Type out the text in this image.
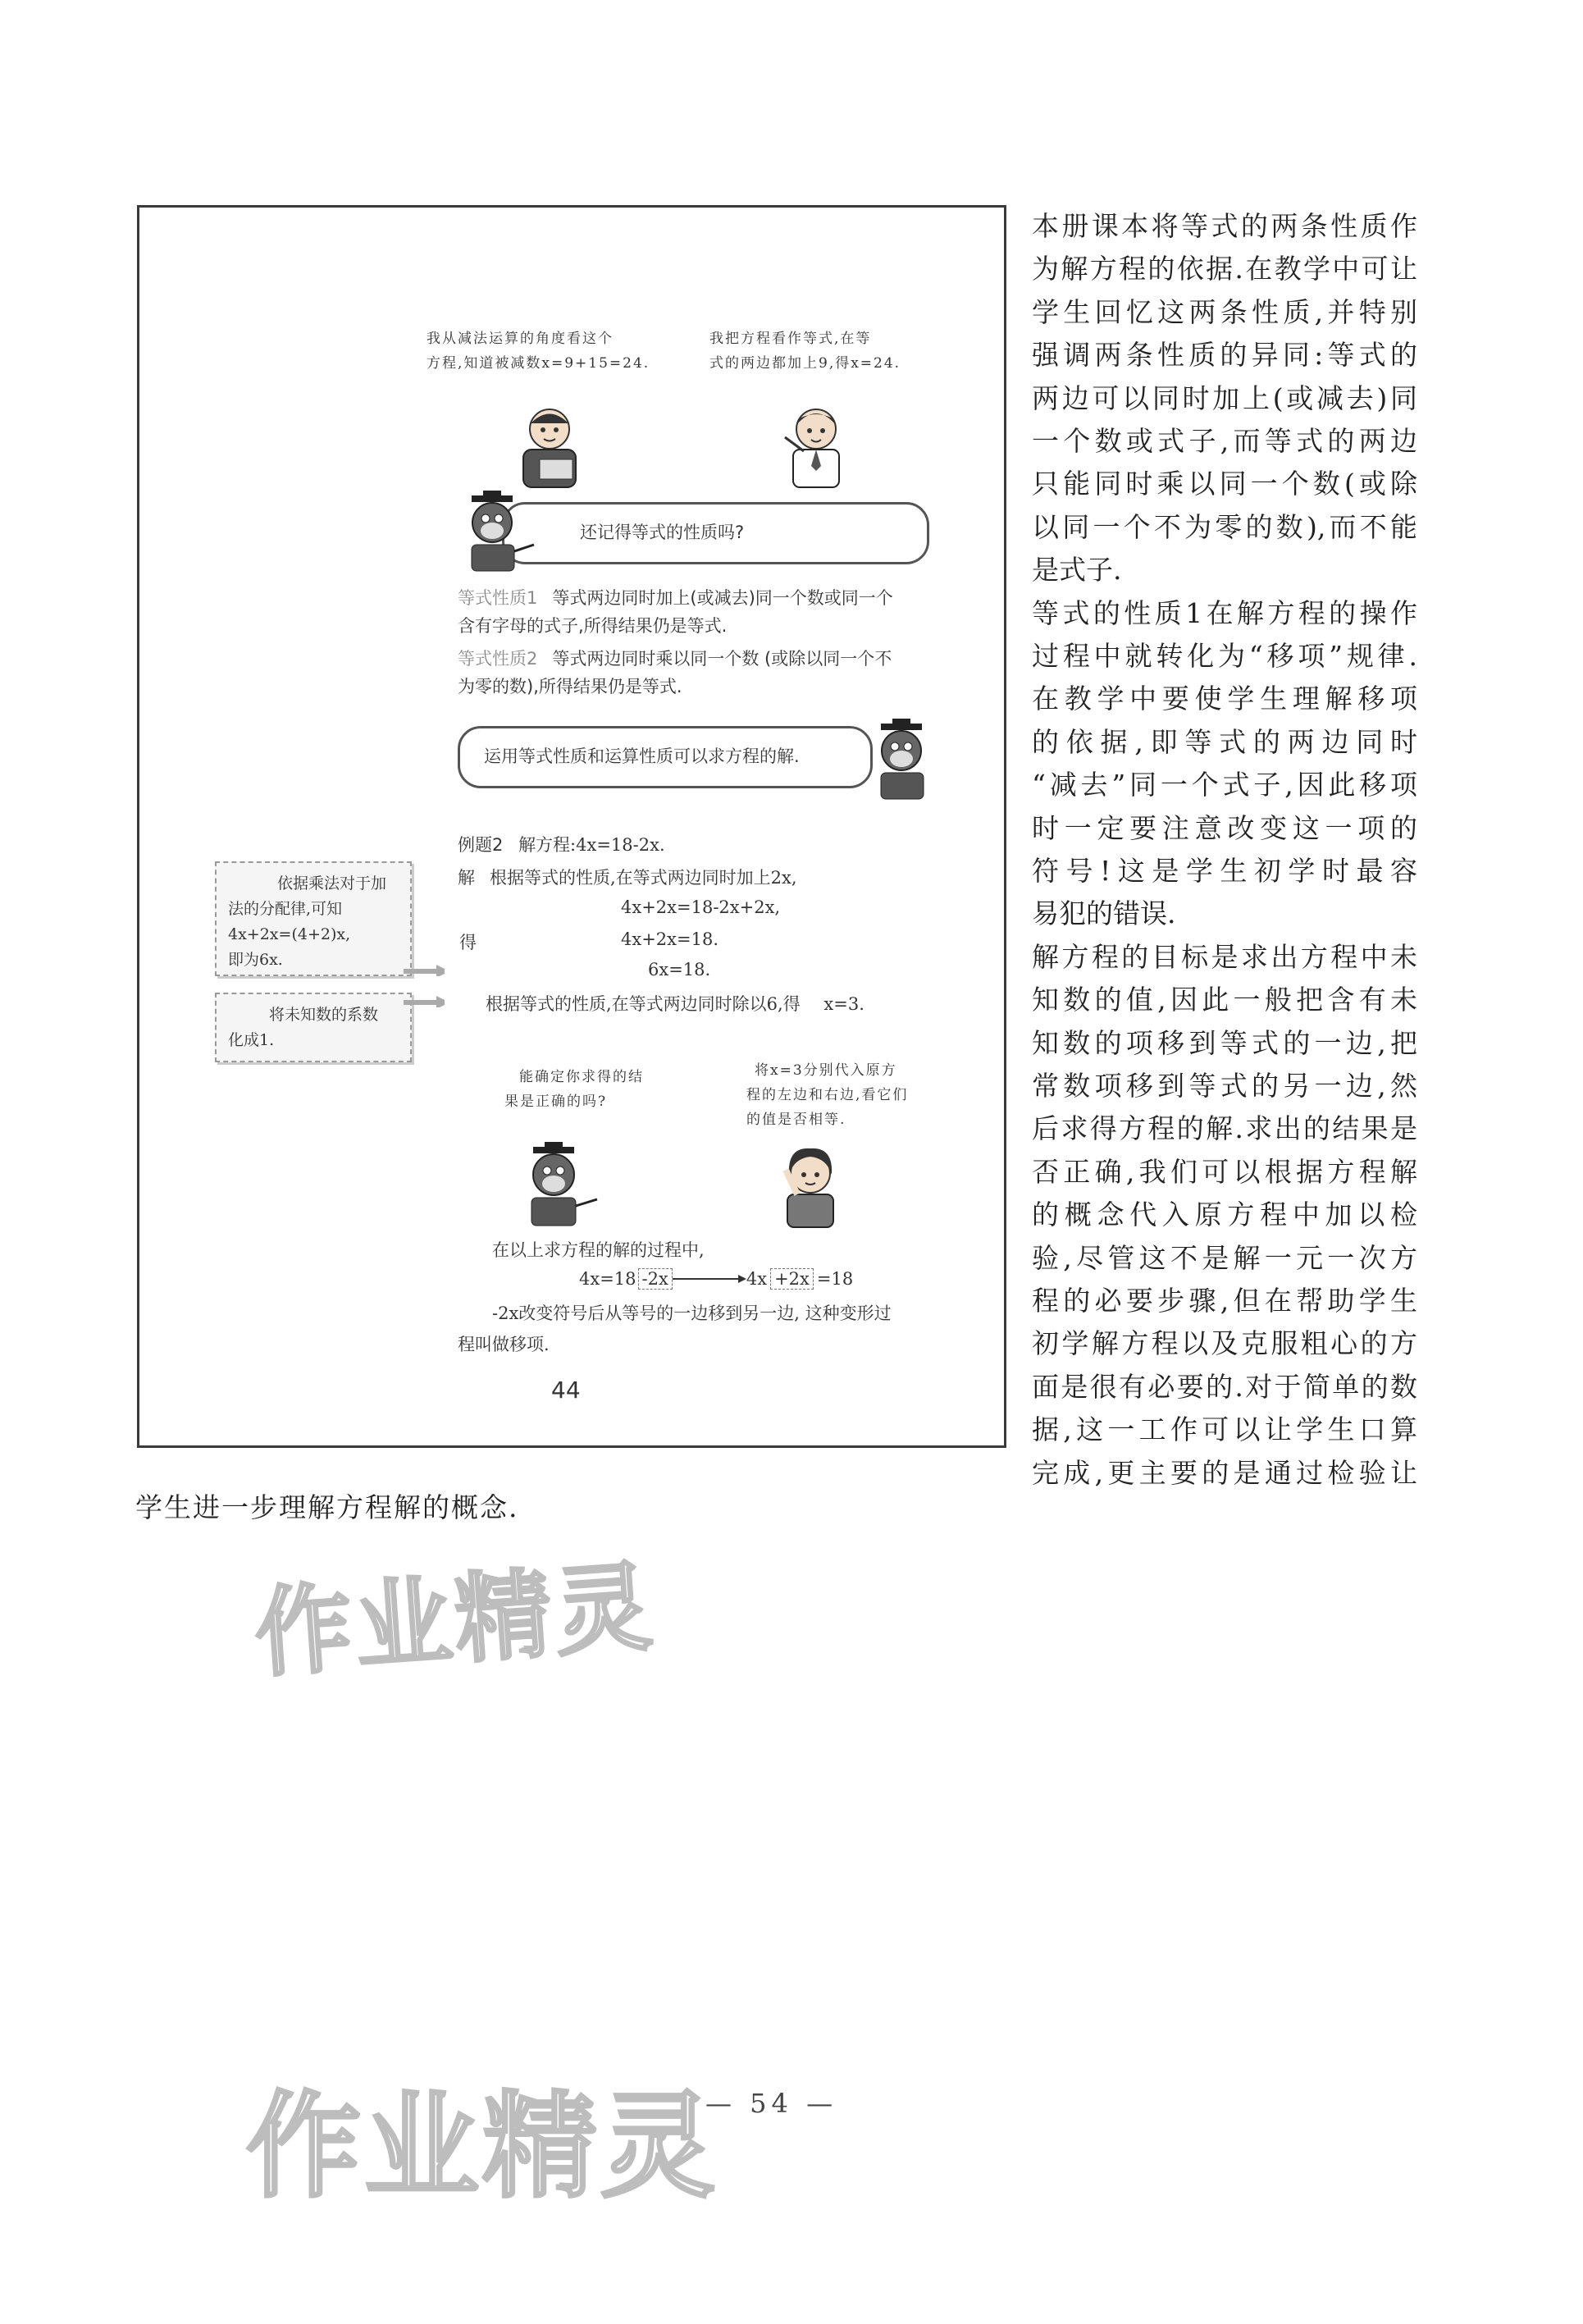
我从减法运算的角度看这个
方程,知道被减数x=9+15=24.
我把方程看作等式,在等
式的两边都加上9,得x=24.
还记得等式的性质吗?
等式性质1 等式两边同时加上(或减去)同一个数或同一个
含有字母的式子,所得结果仍是等式.
等式性质2 等式两边同时乘以同一个数 (或除以同一个不
为零的数),所得结果仍是等式.
运用等式性质和运算性质可以求方程的解.
例题2 解方程:4x=18-2x.
解 根据等式的性质,在等式两边同时加上2x,
4x+2x=18-2x+2x,
得	4x+2x=18.
6x=18.
根据等式的性质,在等式两边同时除以6,得 x=3.
依据乘法对于加
法的分配律,可知
4x+2x=(4+2)x,
即为6x.
将未知数的系数
化成1.
能确定你求得的结
果是正确的吗?
将x=3分别代入原方
程的左边和右边,看它们
的值是否相等.
在以上求方程的解的过程中,
4x=18 -2x	4x +2x =18
-2x改变符号后从等号的一边移到另一边, 这种变形过
程叫做移项.
44
本册课本将等式的两条性质作
为解方程的依据.在教学中可让
学生回忆这两条性质,并特别
强调两条性质的异同:等式的
两边可以同时加上(或减去)同
一个数或式子,而等式的两边
只能同时乘以同一个数(或除
以同一个不为零的数),而不能
是式子.
等式的性质1在解方程的操作
过程中就转化为“移项”规律.
在教学中要使学生理解移项
的依据,即等式的两边同时
“减去”同一个式子,因此移项
时一定要注意改变这一项的
符号!这是学生初学时最容
易犯的错误.
解方程的目标是求出方程中未
知数的值,因此一般把含有未
知数的项移到等式的一边,把
常数项移到等式的另一边,然
后求得方程的解.求出的结果是
否正确,我们可以根据方程解
的概念代入原方程中加以检
验,尽管这不是解一元一次方
程的必要步骤,但在帮助学生
初学解方程以及克服粗心的方
面是很有必要的.对于简单的数
据,这一工作可以让学生口算
完成,更主要的是通过检验让
学生进一步理解方程解的概念.
作业精灵
作业精灵
— 54 —
